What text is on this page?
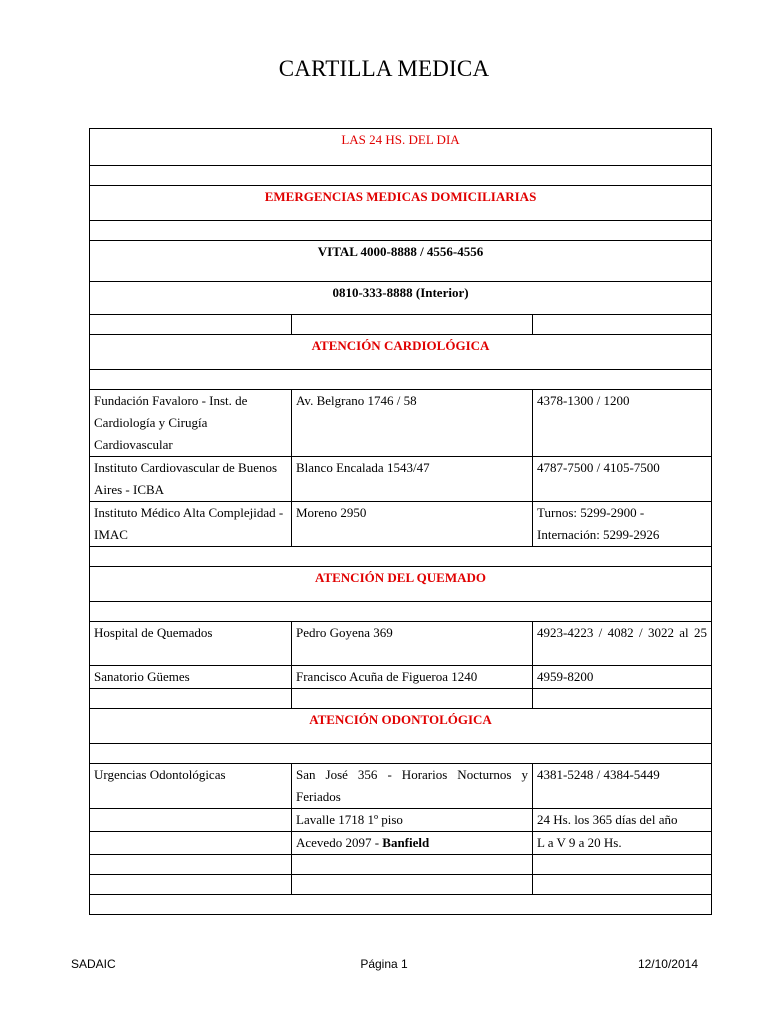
CARTILLA MEDICA
LAS 24 HS. DEL DIA		

EMERGENCIAS MEDICAS DOMICILIARIAS		

VITAL 4000-8888 / 4556-4556		
0810-333-8888 (Interior)		

ATENCIÓN CARDIOLÓGICA		

Fundación Favaloro - Inst. de Cardiología y Cirugía Cardiovascular	Av. Belgrano 1746 / 58	4378-1300 / 1200
Instituto Cardiovascular de Buenos Aires - ICBA	Blanco Encalada 1543/47	4787-7500 / 4105-7500
Instituto Médico Alta Complejidad - IMAC	Moreno 2950	Turnos: 5299-2900 - Internación: 5299-2926

ATENCIÓN DEL QUEMADO		

Hospital de Quemados	Pedro Goyena 369	4923-4223 / 4082 / 3022 al 25
Sanatorio Güemes	Francisco Acuña de Figueroa 1240	4959-8200

ATENCIÓN ODONTOLÓGICA		

Urgencias Odontológicas	San José 356 - Horarios Nocturnos y Feriados	4381-5248 / 4384-5449
	Lavalle 1718 1º piso	24 Hs. los 365 días del año
	Acevedo 2097 - Banfield	L a V 9 a 20 Hs.

SADAIC	Página 1	12/10/2014
